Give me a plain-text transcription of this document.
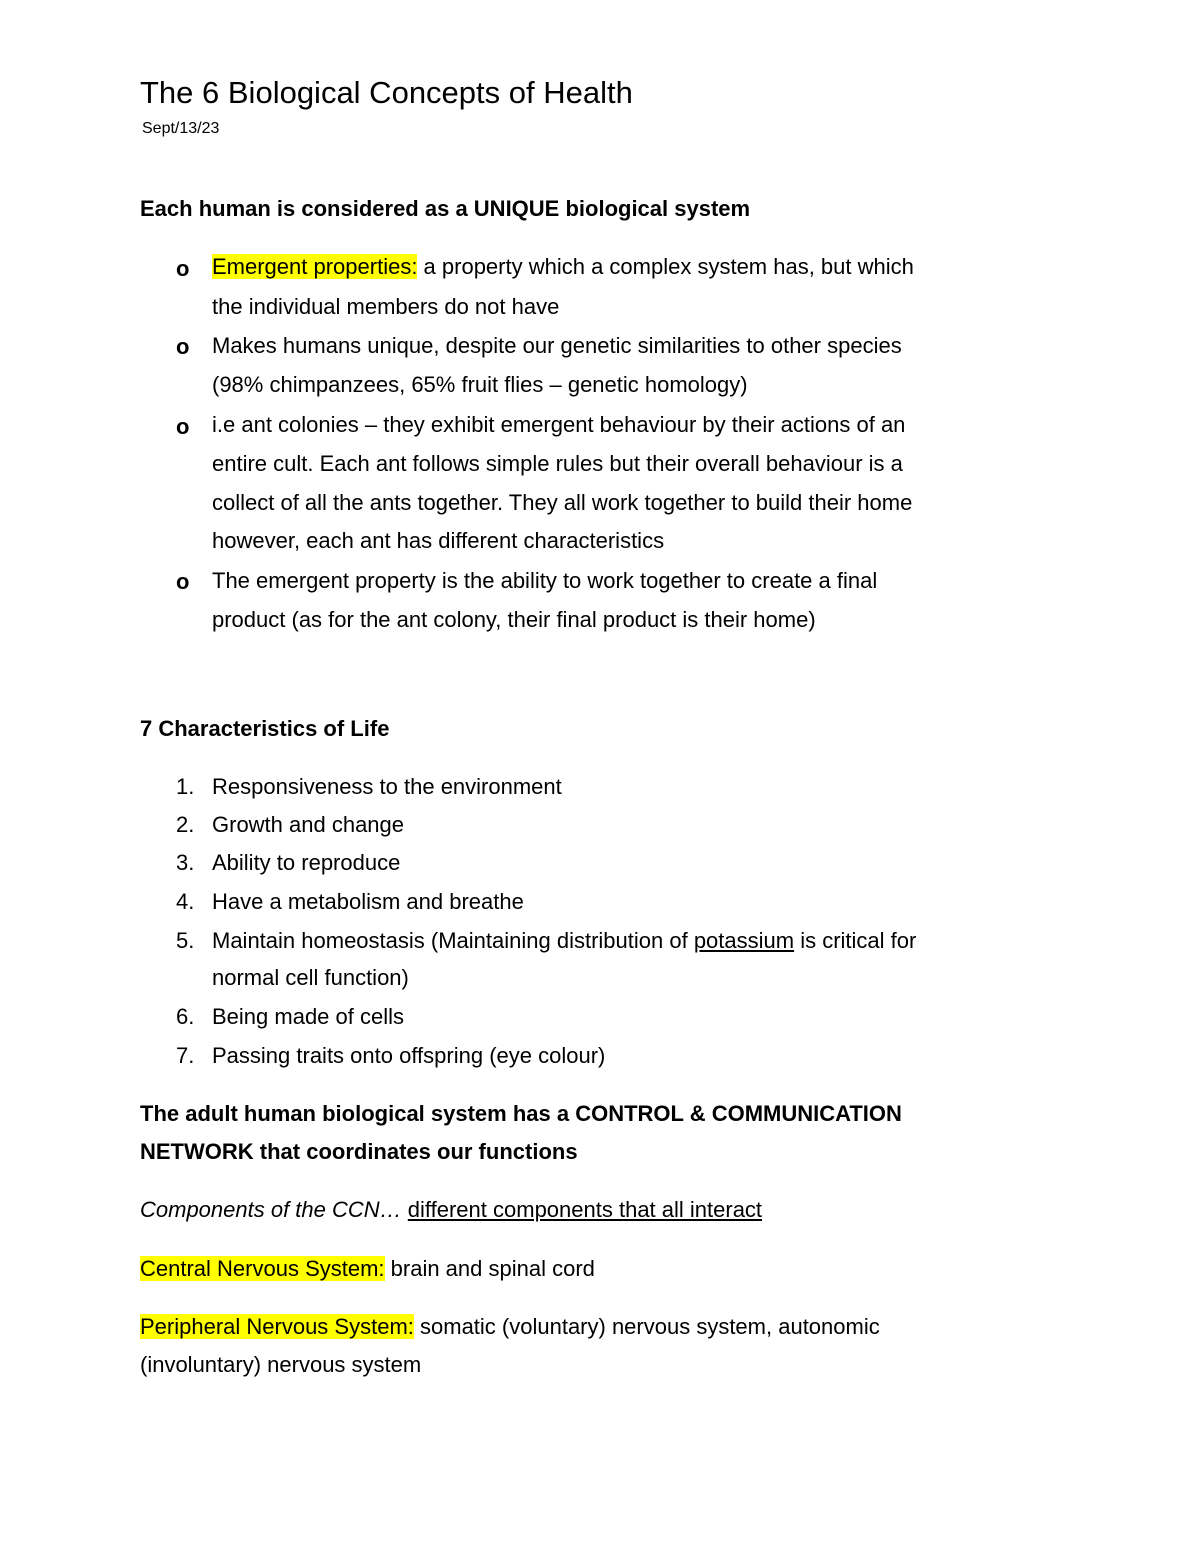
The 6 Biological Concepts of Health
Sept/13/23
Each human is considered as a UNIQUE biological system
o Emergent properties: a property which a complex system has, but which
the individual members do not have
o Makes humans unique, despite our genetic similarities to other species
(98% chimpanzees, 65% fruit flies – genetic homology)
o i.e ant colonies – they exhibit emergent behaviour by their actions of an
entire cult. Each ant follows simple rules but their overall behaviour is a
collect of all the ants together. They all work together to build their home
however, each ant has different characteristics
o The emergent property is the ability to work together to create a final
product (as for the ant colony, their final product is their home)
7 Characteristics of Life
1. Responsiveness to the environment
2. Growth and change
3. Ability to reproduce
4. Have a metabolism and breathe
5. Maintain homeostasis (Maintaining distribution of potassium is critical for
normal cell function)
6. Being made of cells
7. Passing traits onto offspring (eye colour)
The adult human biological system has a CONTROL & COMMUNICATION
NETWORK that coordinates our functions
Components of the CCN… different components that all interact
Central Nervous System: brain and spinal cord
Peripheral Nervous System: somatic (voluntary) nervous system, autonomic
(involuntary) nervous system
